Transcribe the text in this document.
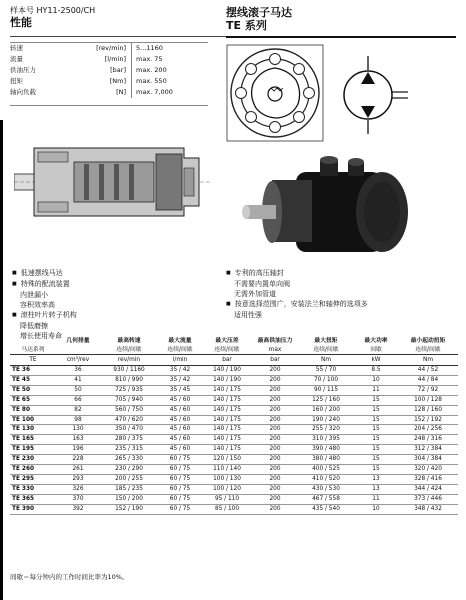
样本号 HY11-2500/CH
性能
摆线滚子马达
TE 系列
转速	[rev/min]	5...1160
流量	[l/min]	max. 75
供油压力	[bar]	max. 200
扭矩	[Nm]	max. 550
轴向负载	[N]	max. 7,000
■ 低速摆线马达
■ 特殊的配流装置
内泄漏小
容积效率高
■ 滚柱叶片转子机构
降低磨擦
增长使用寿命
■ 专利的高压轴封
不需要内置单向阀
无需外加管道
■ 按意选择范围广，安装法兰和轴伸的选项多
适用性强
	几何排量	最高转速	最大流量	最大压差	最高供油压力	最大扭矩	最大功率	最小起动扭矩
马达系列		连续/间歇	连续/间歇	连续/间歇	max	连续/间歇	间歇	连续/间歇
TE	cm³/rev	rev/min	l/min	bar	bar	Nm	kW	Nm
TE 36	36	930 / 1160	35 / 42	140 / 190	200	55 / 70	8.5	44 / 52
TE 45	41	810 / 990	35 / 42	140 / 190	200	70 / 100	10	44 / 84
TE 50	50	725 / 935	35 / 45	140 / 175	200	90 / 115	11	72 / 92
TE 65	66	705 / 940	45 / 60	140 / 175	200	125 / 160	15	100 / 128
TE 80	82	560 / 750	45 / 60	140 / 175	200	160 / 200	15	128 / 160
TE 100	98	470 / 620	45 / 60	140 / 175	200	190 / 240	15	152 / 192
TE 130	130	350 / 470	45 / 60	140 / 175	200	255 / 320	15	204 / 256
TE 165	163	280 / 375	45 / 60	140 / 175	200	310 / 395	15	248 / 316
TE 195	196	235 / 315	45 / 60	140 / 175	200	390 / 480	15	312 / 384
TE 230	228	265 / 330	60 / 75	120 / 150	200	380 / 480	15	304 / 384
TE 260	261	230 / 290	60 / 75	110 / 140	200	400 / 525	15	320 / 420
TE 295	293	200 / 255	60 / 75	100 / 130	200	410 / 520	13	328 / 416
TE 330	326	185 / 235	60 / 75	100 / 120	200	430 / 530	13	344 / 424
TE 365	370	150 / 200	60 / 75	95 / 110	200	467 / 558	11	373 / 446
TE 390	392	152 / 190	60 / 75	85 / 100	200	435 / 540	10	348 / 432
间歇＝每分钟内的工作时间比率为10%。
